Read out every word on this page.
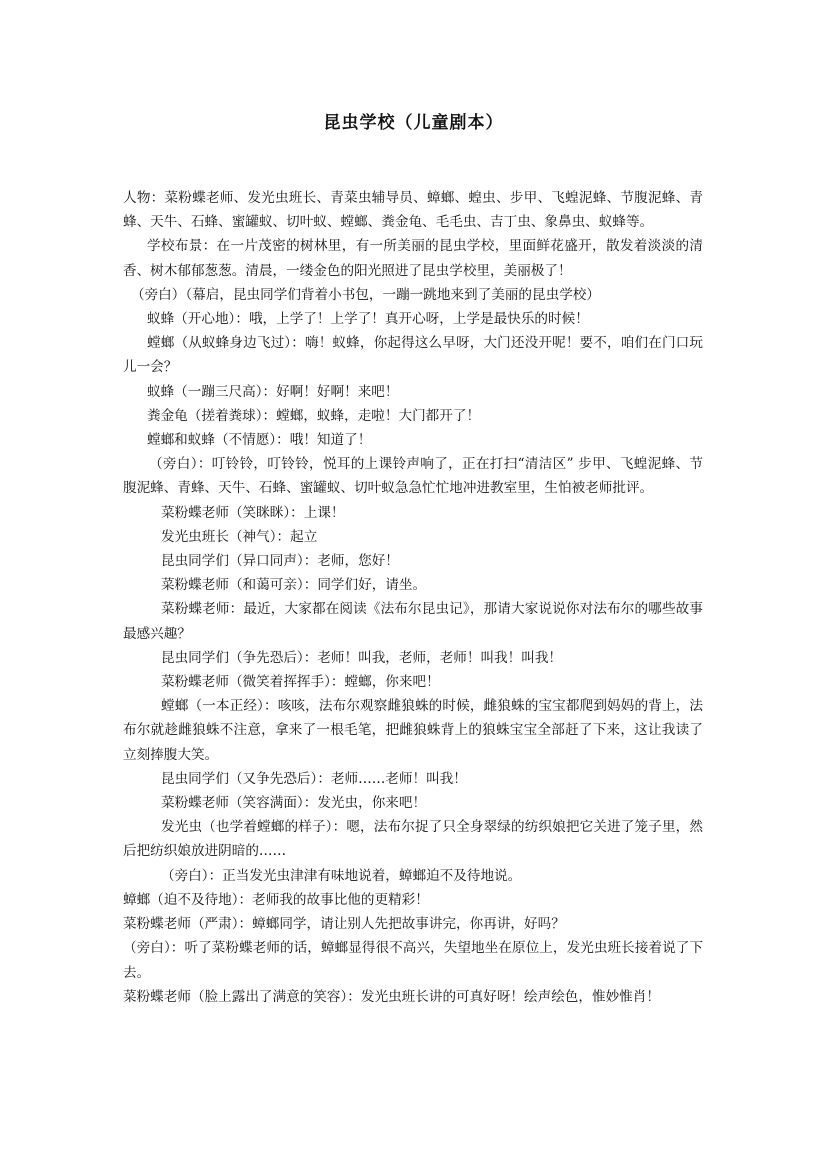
昆虫学校（儿童剧本）

人物：菜粉蝶老师、发光虫班长、青菜虫辅导员、蟑螂、蝗虫、步甲、飞蝗泥蜂、节腹泥蜂、青蜂、天牛、石蜂、蜜罐蚁、切叶蚁、螳螂、粪金龟、毛毛虫、吉丁虫、象鼻虫、蚁蜂等。

学校布景：在一片茂密的树林里，有一所美丽的昆虫学校，里面鲜花盛开，散发着淡淡的清香、树木郁郁葱葱。清晨，一缕金色的阳光照进了昆虫学校里，美丽极了！

（旁白）（幕启，昆虫同学们背着小书包，一蹦一跳地来到了美丽的昆虫学校）

蚁蜂（开心地）：哦，上学了！上学了！真开心呀，上学是最快乐的时候！

螳螂（从蚁蜂身边飞过）：嗨！蚁蜂，你起得这么早呀，大门还没开呢！要不，咱们在门口玩儿一会？

蚁蜂（一蹦三尺高）：好啊！好啊！来吧！

粪金龟（搓着粪球）：螳螂，蚁蜂，走啦！大门都开了！

螳螂和蚁蜂（不情愿）：哦！知道了！

（旁白）：叮铃铃，叮铃铃，悦耳的上课铃声响了，正在打扫“清洁区” 步甲、飞蝗泥蜂、节腹泥蜂、青蜂、天牛、石蜂、蜜罐蚁、切叶蚁急急忙忙地冲进教室里，生怕被老师批评。

菜粉蝶老师（笑眯眯）：上课！

发光虫班长（神气）：起立

昆虫同学们（异口同声）：老师，您好！

菜粉蝶老师（和蔼可亲）：同学们好，请坐。

菜粉蝶老师：最近，大家都在阅读《法布尔昆虫记》，那请大家说说你对法布尔的哪些故事最感兴趣？

昆虫同学们（争先恐后）：老师！叫我，老师，老师！叫我！叫我！

菜粉蝶老师（微笑着挥挥手）：螳螂，你来吧！

螳螂（一本正经）：咳咳，法布尔观察雌狼蛛的时候，雌狼蛛的宝宝都爬到妈妈的背上，法布尔就趁雌狼蛛不注意，拿来了一根毛笔，把雌狼蛛背上的狼蛛宝宝全部赶了下来，这让我读了立刻捧腹大笑。

昆虫同学们（又争先恐后）：老师……老师！叫我！

菜粉蝶老师（笑容满面）：发光虫，你来吧！

发光虫（也学着螳螂的样子）：嗯，法布尔捉了只全身翠绿的纺织娘把它关进了笼子里，然后把纺织娘放进阴暗的……

（旁白）：正当发光虫津津有味地说着，蟑螂迫不及待地说。

蟑螂（迫不及待地）：老师我的故事比他的更精彩！

菜粉蝶老师（严肃）：蟑螂同学，请让别人先把故事讲完，你再讲，好吗？

（旁白）：听了菜粉蝶老师的话，蟑螂显得很不高兴，失望地坐在原位上，发光虫班长接着说了下去。

菜粉蝶老师（脸上露出了满意的笑容）：发光虫班长讲的可真好呀！绘声绘色，惟妙惟肖！
